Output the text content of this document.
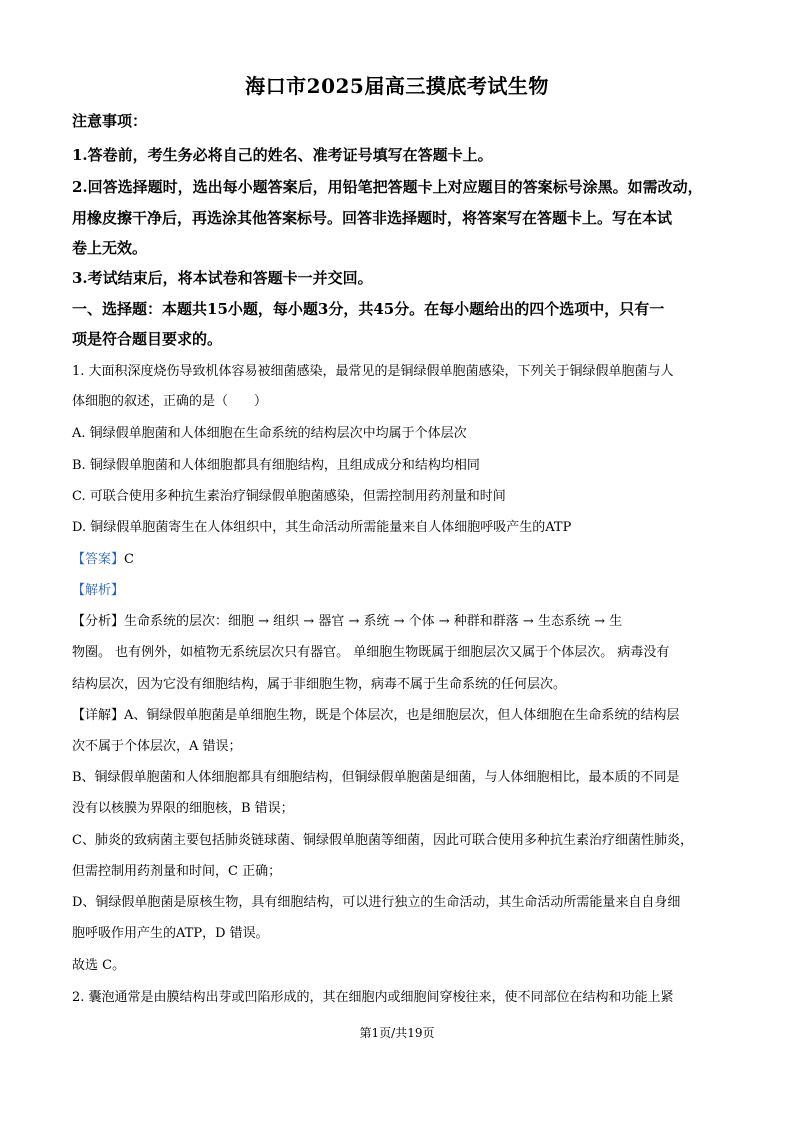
海口市2025届高三摸底考试生物
注意事项：
1.答卷前，考生务必将自己的姓名、准考证号填写在答题卡上。
2.回答选择题时，选出每小题答案后，用铅笔把答题卡上对应题目的答案标号涂黑。如需改动，
用橡皮擦干净后，再选涂其他答案标号。回答非选择题时，将答案写在答题卡上。写在本试
卷上无效。
3.考试结束后，将本试卷和答题卡一并交回。
一、选择题：本题共15小题，每小题3分，共45分。在每小题给出的四个选项中，只有一
项是符合题目要求的。
1. 大面积深度烧伤导致机体容易被细菌感染，最常见的是铜绿假单胞菌感染，下列关于铜绿假单胞菌与人
体细胞的叙述，正确的是（　　）
A. 铜绿假单胞菌和人体细胞在生命系统的结构层次中均属于个体层次
B. 铜绿假单胞菌和人体细胞都具有细胞结构，且组成成分和结构均相同
C. 可联合使用多种抗生素治疗铜绿假单胞菌感染，但需控制用药剂量和时间
D. 铜绿假单胞菌寄生在人体组织中，其生命活动所需能量来自人体细胞呼吸产生的ATP
【答案】C
【解析】
【分析】生命系统的层次：细胞 → 组织 → 器官 → 系统 → 个体 → 种群和群落 → 生态系统 → 生
物圈。 也有例外，如植物无系统层次只有器官。 单细胞生物既属于细胞层次又属于个体层次。 病毒没有
结构层次，因为它没有细胞结构，属于非细胞生物，病毒不属于生命系统的任何层次。
【详解】A、铜绿假单胞菌是单细胞生物，既是个体层次，也是细胞层次，但人体细胞在生命系统的结构层
次不属于个体层次，A 错误；
B、铜绿假单胞菌和人体细胞都具有细胞结构，但铜绿假单胞菌是细菌，与人体细胞相比，最本质的不同是
没有以核膜为界限的细胞核，B 错误；
C、肺炎的致病菌主要包括肺炎链球菌、铜绿假单胞菌等细菌，因此可联合使用多种抗生素治疗细菌性肺炎，
但需控制用药剂量和时间，C 正确；
D、铜绿假单胞菌是原核生物，具有细胞结构，可以进行独立的生命活动，其生命活动所需能量来自自身细
胞呼吸作用产生的ATP，D 错误。
故选 C。
2. 囊泡通常是由膜结构出芽或凹陷形成的，其在细胞内或细胞间穿梭往来，使不同部位在结构和功能上紧
第1页/共19页
